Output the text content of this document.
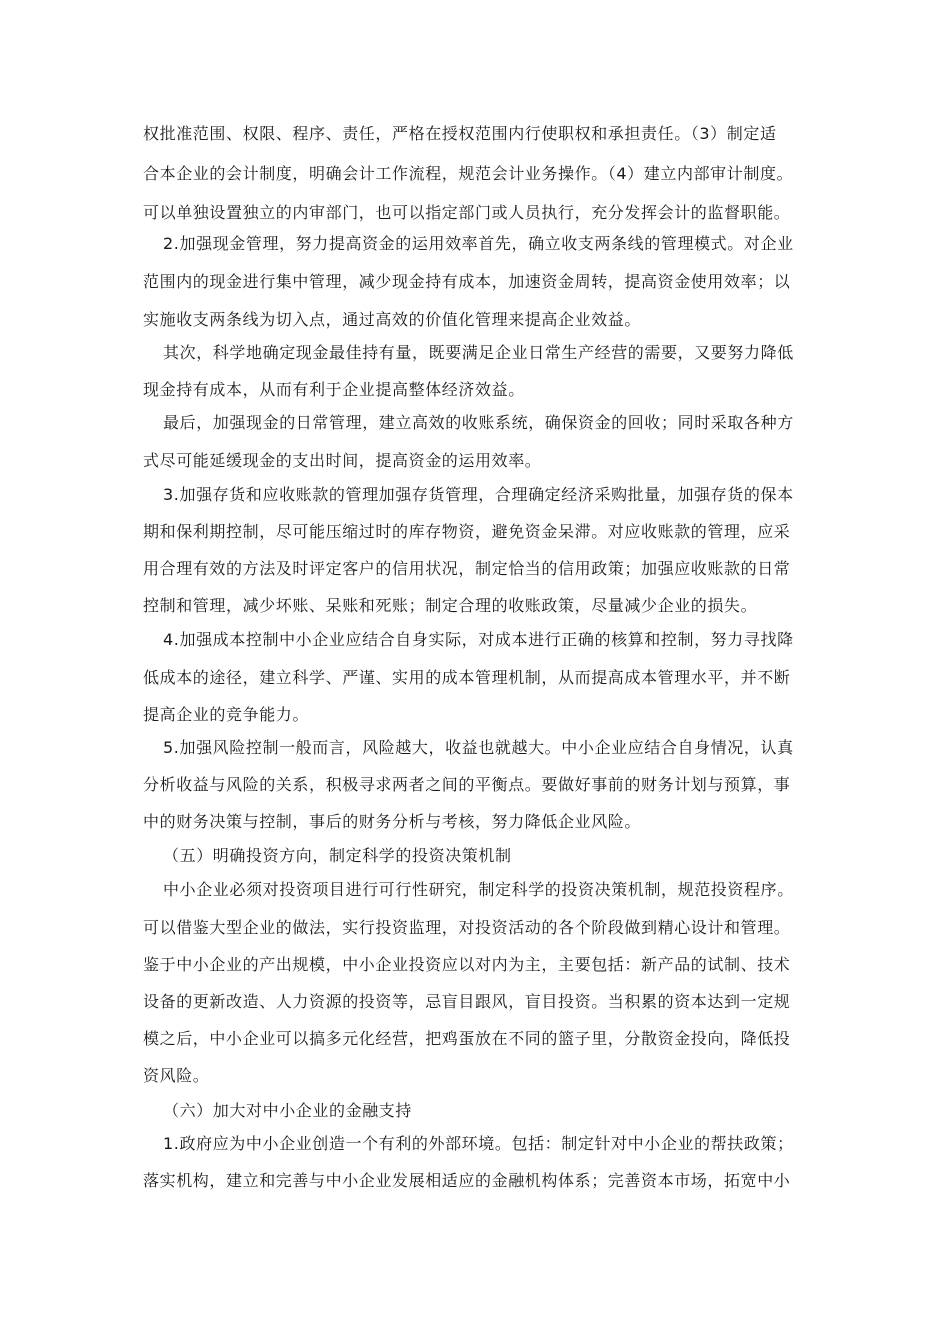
权批准范围、权限、程序、责任，严格在授权范围内行使职权和承担责任。（3）制定适
合本企业的会计制度，明确会计工作流程，规范会计业务操作。（4）建立内部审计制度。
可以单独设置独立的内审部门，也可以指定部门或人员执行，充分发挥会计的监督职能。
2.加强现金管理，努力提高资金的运用效率首先，确立收支两条线的管理模式。对企业
范围内的现金进行集中管理，减少现金持有成本，加速资金周转，提高资金使用效率；以
实施收支两条线为切入点，通过高效的价值化管理来提高企业效益。
其次，科学地确定现金最佳持有量，既要满足企业日常生产经营的需要，又要努力降低
现金持有成本，从而有利于企业提高整体经济效益。
最后，加强现金的日常管理，建立高效的收账系统，确保资金的回收；同时采取各种方
式尽可能延缓现金的支出时间，提高资金的运用效率。
3.加强存货和应收账款的管理加强存货管理，合理确定经济采购批量，加强存货的保本
期和保利期控制，尽可能压缩过时的库存物资，避免资金呆滞。对应收账款的管理，应采
用合理有效的方法及时评定客户的信用状况，制定恰当的信用政策；加强应收账款的日常
控制和管理，减少坏账、呆账和死账；制定合理的收账政策，尽量减少企业的损失。
4.加强成本控制中小企业应结合自身实际，对成本进行正确的核算和控制，努力寻找降
低成本的途径，建立科学、严谨、实用的成本管理机制，从而提高成本管理水平，并不断
提高企业的竞争能力。
5.加强风险控制一般而言，风险越大，收益也就越大。中小企业应结合自身情况，认真
分析收益与风险的关系，积极寻求两者之间的平衡点。要做好事前的财务计划与预算，事
中的财务决策与控制，事后的财务分析与考核，努力降低企业风险。
（五）明确投资方向，制定科学的投资决策机制
中小企业必须对投资项目进行可行性研究，制定科学的投资决策机制，规范投资程序。
可以借鉴大型企业的做法，实行投资监理，对投资活动的各个阶段做到精心设计和管理。
鉴于中小企业的产出规模，中小企业投资应以对内为主，主要包括：新产品的试制、技术
设备的更新改造、人力资源的投资等，忌盲目跟风，盲目投资。当积累的资本达到一定规
模之后，中小企业可以搞多元化经营，把鸡蛋放在不同的篮子里，分散资金投向，降低投
资风险。
（六）加大对中小企业的金融支持
1.政府应为中小企业创造一个有利的外部环境。包括：制定针对中小企业的帮扶政策；
落实机构，建立和完善与中小企业发展相适应的金融机构体系；完善资本市场，拓宽中小
